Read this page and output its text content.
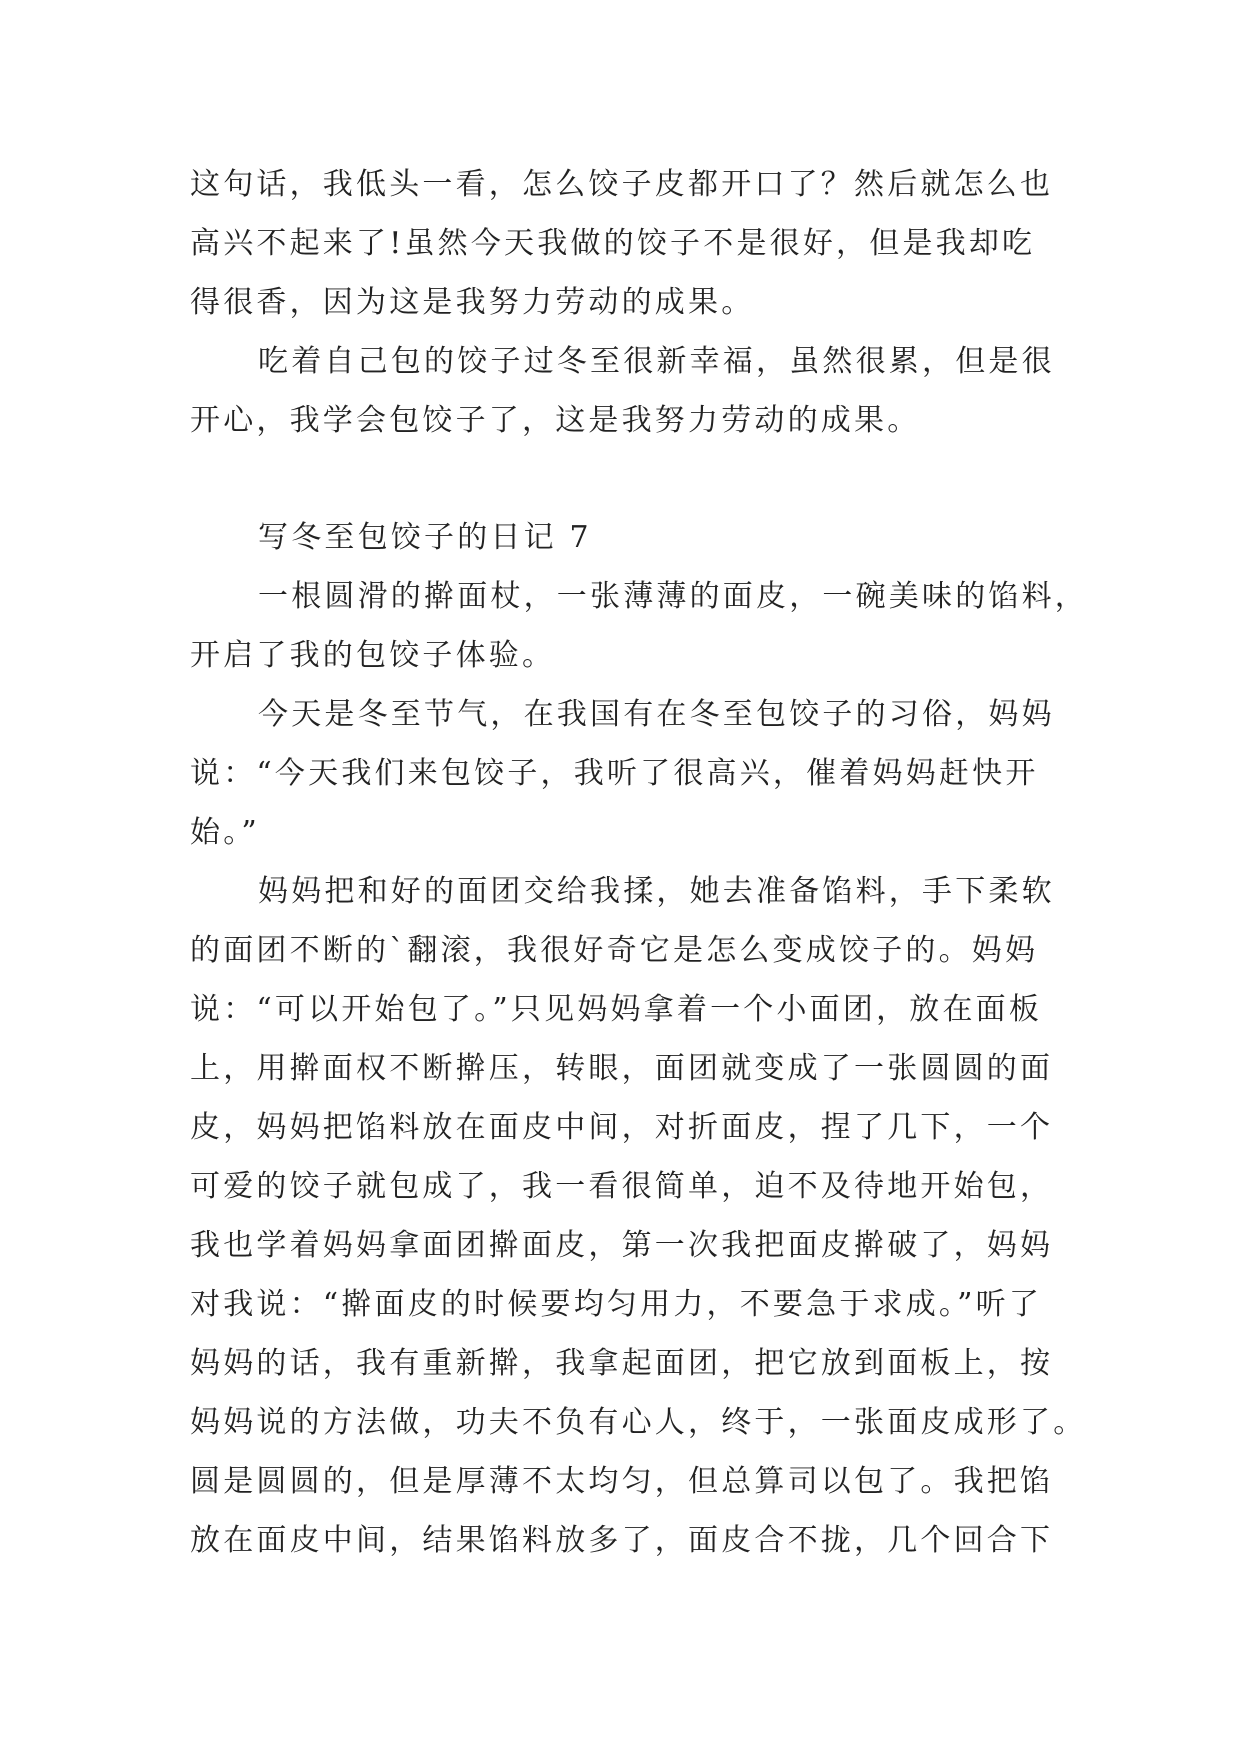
这句话，我低头一看，怎么饺子皮都开口了？然后就怎么也

高兴不起来了!虽然今天我做的饺子不是很好，但是我却吃

得很香，因为这是我努力劳动的成果。

吃着自己包的饺子过冬至很新幸福，虽然很累，但是很

开心，我学会包饺子了，这是我努力劳动的成果。

写冬至包饺子的日记 7

一根圆滑的擀面杖，一张薄薄的面皮，一碗美味的馅料，

开启了我的包饺子体验。

今天是冬至节气，在我国有在冬至包饺子的习俗，妈妈

说：“今天我们来包饺子，我听了很高兴，催着妈妈赶快开

始。”

妈妈把和好的面团交给我揉，她去准备馅料，手下柔软

的面团不断的`翻滚，我很好奇它是怎么变成饺子的。妈妈

说：“可以开始包了。”只见妈妈拿着一个小面团，放在面板

上，用擀面权不断擀压，转眼，面团就变成了一张圆圆的面

皮，妈妈把馅料放在面皮中间，对折面皮，捏了几下，一个

可爱的饺子就包成了，我一看很简单，迫不及待地开始包，

我也学着妈妈拿面团擀面皮，第一次我把面皮擀破了，妈妈

对我说：“擀面皮的时候要均匀用力，不要急于求成。”听了

妈妈的话，我有重新擀，我拿起面团，把它放到面板上，按

妈妈说的方法做，功夫不负有心人，终于，一张面皮成形了。

圆是圆圆的，但是厚薄不太均匀，但总算司以包了。我把馅

放在面皮中间，结果馅料放多了，面皮合不拢，几个回合下
